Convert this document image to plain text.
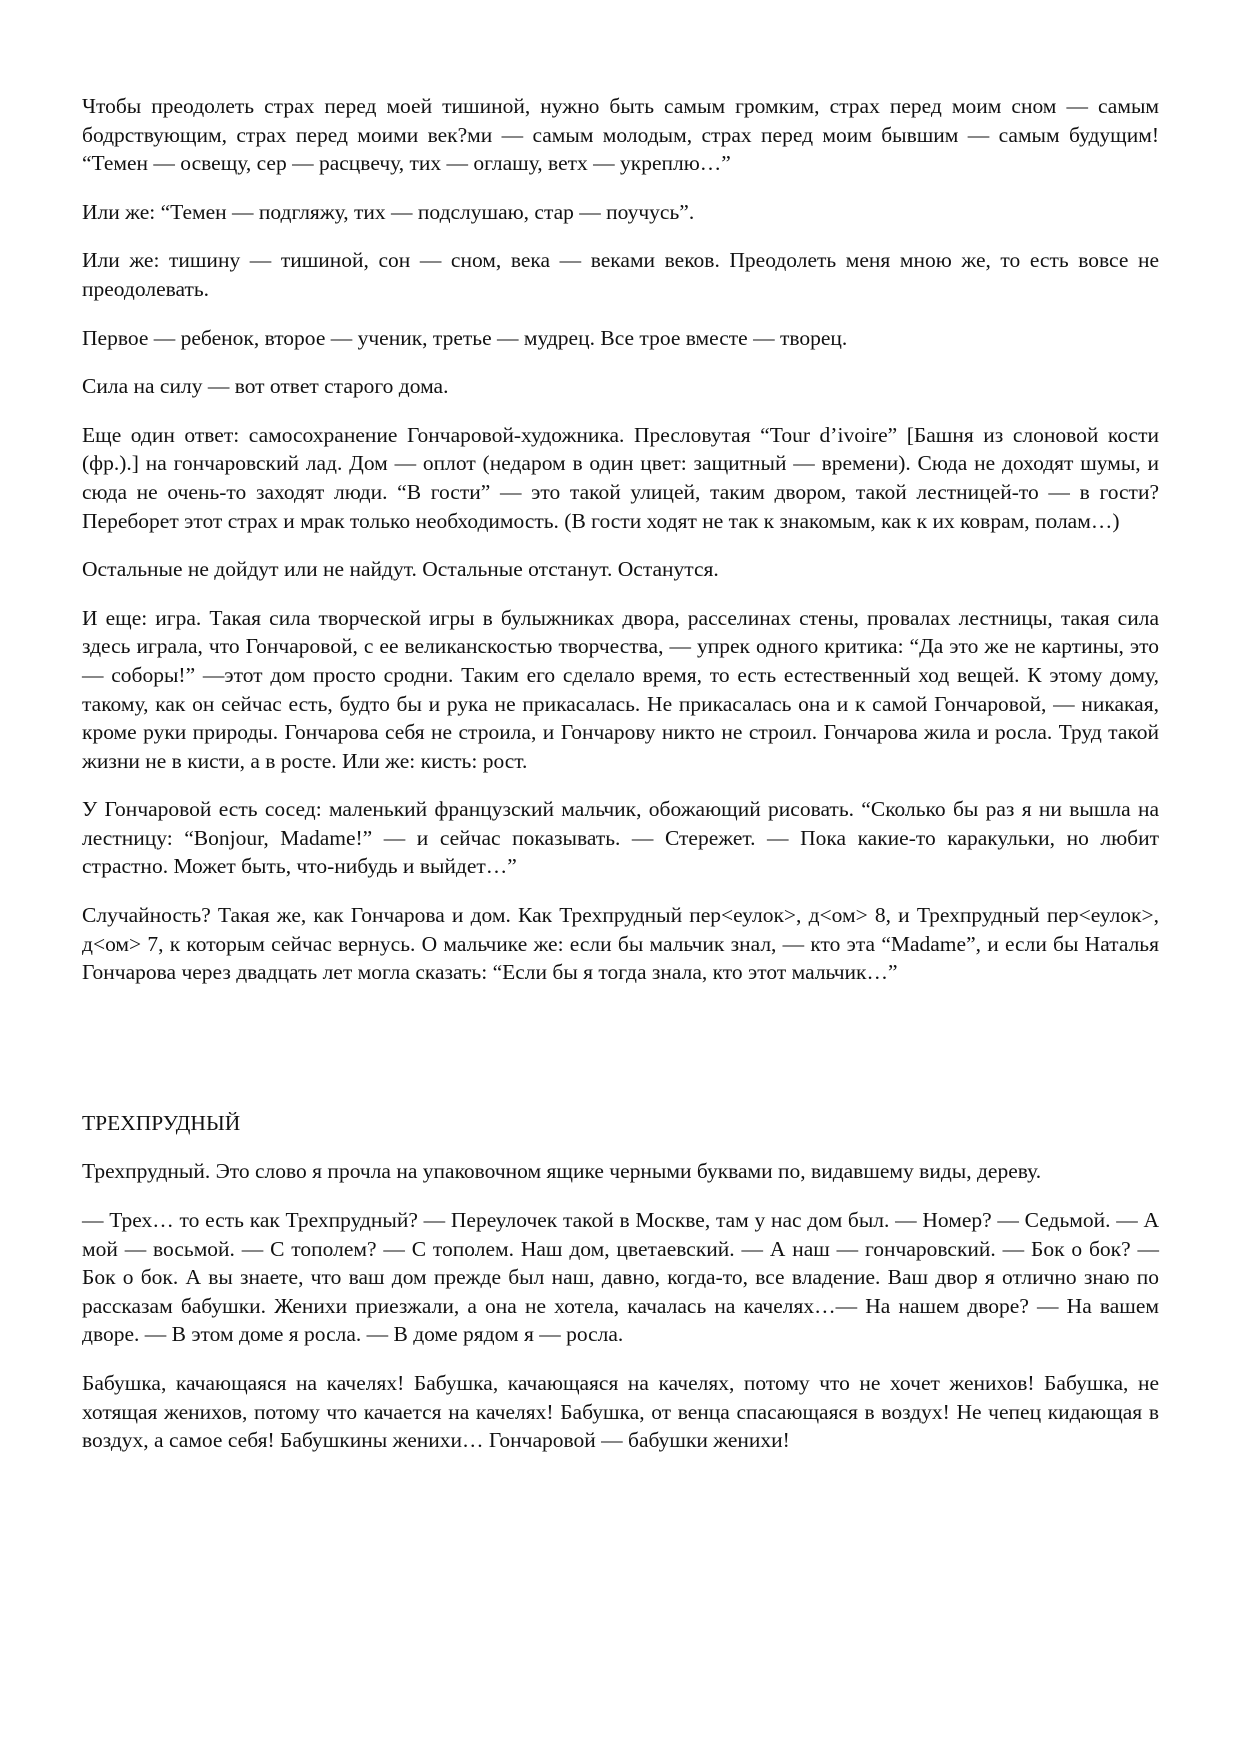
Чтобы преодолеть страх перед моей тишиной, нужно быть самым громким, страх перед моим сном — самым бодрствующим, страх перед моими век?ми — самым молодым, страх перед моим бывшим — самым будущим! “Темен — освещу, сер — расцвечу, тих — оглашу, ветх — укреплю…”

Или же: “Темен — подгляжу, тих — подслушаю, стар — поучусь”.

Или же: тишину — тишиной, сон — сном, века — веками веков. Преодолеть меня мною же, то есть вовсе не преодолевать.

Первое — ребенок, второе — ученик, третье — мудрец. Все трое вместе — творец.

Сила на силу — вот ответ старого дома.

Еще один ответ: самосохранение Гончаровой-художника. Пресловутая “Tour d’ivoire” [Башня из слоновой кости (фр.).] на гончаровский лад. Дом — оплот (недаром в один цвет: защитный — времени). Сюда не доходят шумы, и сюда не очень-то заходят люди. “В гости” — это такой улицей, таким двором, такой лестницей-то — в гости? Переборет этот страх и мрак только необходимость. (В гости ходят не так к знакомым, как к их коврам, полам…)

Остальные не дойдут или не найдут. Остальные отстанут. Останутся.

И еще: игра. Такая сила творческой игры в булыжниках двора, расселинах стены, провалах лестницы, такая сила здесь играла, что Гончаровой, с ее великанскостью творчества, — упрек одного критика: “Да это же не картины, это — соборы!” —этот дом просто сродни. Таким его сделало время, то есть естественный ход вещей. К этому дому, такому, как он сейчас есть, будто бы и рука не прикасалась. Не прикасалась она и к самой Гончаровой, — никакая, кроме руки природы. Гончарова себя не строила, и Гончарову никто не строил. Гончарова жила и росла. Труд такой жизни не в кисти, а в росте. Или же: кисть: рост.

У Гончаровой есть сосед: маленький французский мальчик, обожающий рисовать. “Сколько бы раз я ни вышла на лестницу: “Bonjour, Madame!” — и сейчас показывать. — Стережет. — Пока какие-то каракульки, но любит страстно. Может быть, что-нибудь и выйдет…”

Случайность? Такая же, как Гончарова и дом. Как Трехпрудный пер<еулок>, д<ом> 8, и Трехпрудный пер<еулок>, д<ом> 7, к которым сейчас вернусь. О мальчике же: если бы мальчик знал, — кто эта “Madame”, и если бы Наталья Гончарова через двадцать лет могла сказать: “Если бы я тогда знала, кто этот мальчик…”

ТРЕХПРУДНЫЙ

Трехпрудный. Это слово я прочла на упаковочном ящике черными буквами по, видавшему виды, дереву.

— Трех… то есть как Трехпрудный? — Переулочек такой в Москве, там у нас дом был. — Номер? — Седьмой. — А мой — восьмой. — С тополем? — С тополем. Наш дом, цветаевский. — А наш — гончаровский. — Бок о бок? — Бок о бок. А вы знаете, что ваш дом прежде был наш, давно, когда-то, все владение. Ваш двор я отлично знаю по рассказам бабушки. Женихи приезжали, а она не хотела, качалась на качелях…— На нашем дворе? — На вашем дворе. — В этом доме я росла. — В доме рядом я — росла.

Бабушка, качающаяся на качелях! Бабушка, качающаяся на качелях, потому что не хочет женихов! Бабушка, не хотящая женихов, потому что качается на качелях! Бабушка, от венца спасающаяся в воздух! Не чепец кидающая в воздух, а самое себя! Бабушкины женихи… Гончаровой — бабушки женихи!
